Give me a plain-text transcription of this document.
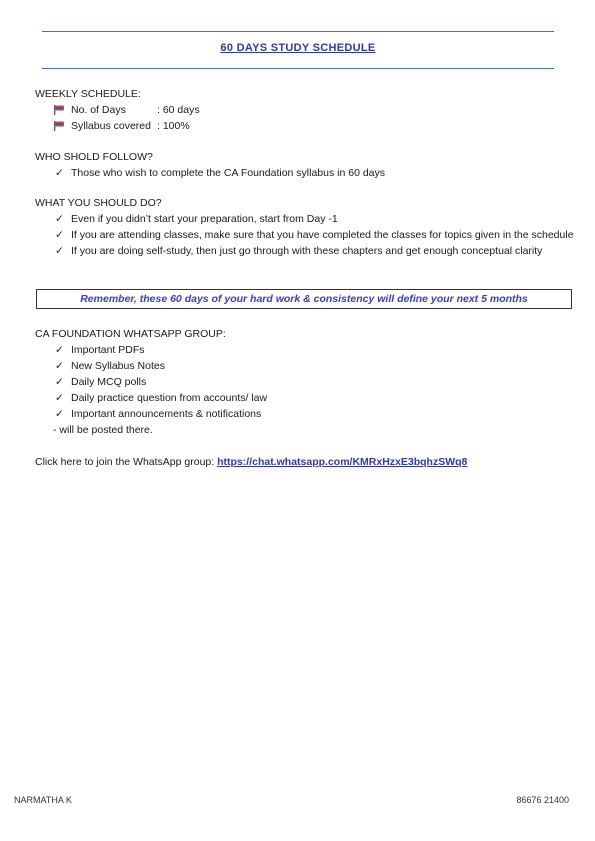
60 DAYS STUDY SCHEDULE
WEEKLY SCHEDULE:
No. of Days	: 60 days
Syllabus covered : 100%
WHO SHOLD FOLLOW?
✓ Those who wish to complete the CA Foundation syllabus in 60 days
WHAT YOU SHOULD DO?
✓ Even if you didn’t start your preparation, start from Day -1
✓ If you are attending classes, make sure that you have completed the classes for topics given in the schedule
✓ If you are doing self-study, then just go through with these chapters and get enough conceptual clarity
Remember, these 60 days of your hard work & consistency will define your next 5 months
CA FOUNDATION WHATSAPP GROUP:
✓ Important PDFs
✓ New Syllabus Notes
✓ Daily MCQ polls
✓ Daily practice question from accounts/ law
✓ Important announcements & notifications
- will be posted there.
Click here to join the WhatsApp group: https://chat.whatsapp.com/KMRxHzxE3bqhzSWq8
NARMATHA K	86676 21400
